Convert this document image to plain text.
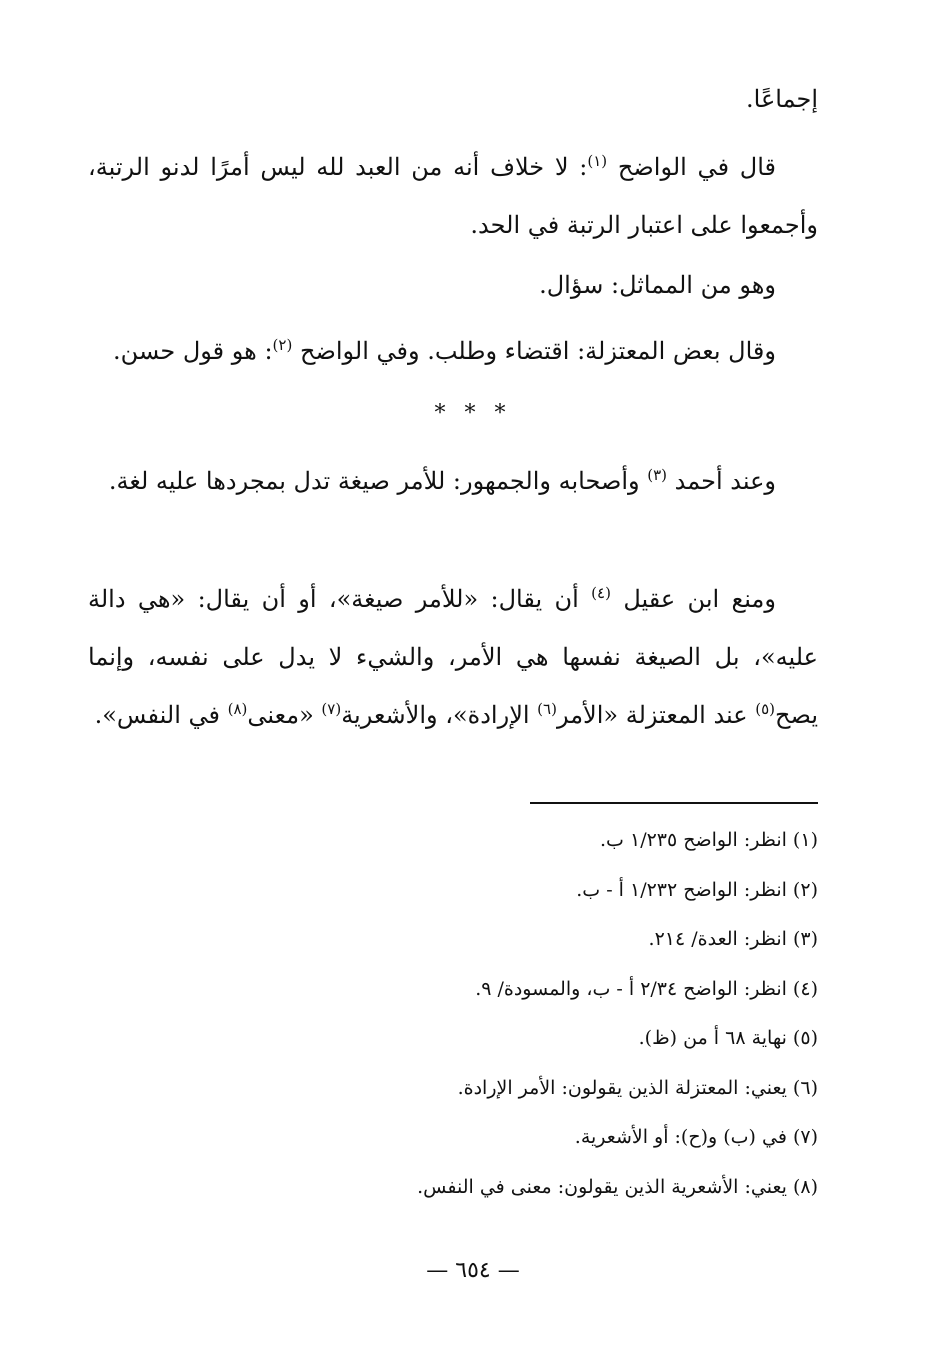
إجماعًا.

قال في الواضح $^{(١)}$: لا خلاف أنه من العبد لله ليس أمرًا لدنو الرتبة، وأجمعوا على اعتبار الرتبة في الحد.

وهو من المماثل: سؤال.

وقال بعض المعتزلة: اقتضاء وطلب. وفي الواضح $^{(٢)}$: هو قول حسن.

* * *

وعند أحمد $^{(٣)}$ وأصحابه والجمهور: للأمر صيغة تدل بمجردها عليه لغة.

ومنع ابن عقيل $^{(٤)}$ أن يقال: «للأمر صيغة»، أو أن يقال: «هي دالة عليه»، بل الصيغة نفسها هي الأمر، والشيء لا يدل على نفسه، وإنما يصح$^{(٥)}$ عند المعتزلة «الأمر$^{(٦)}$ الإرادة»، والأشعرية$^{(٧)}$ «معنى$^{(٨)}$ في النفس».

(١) انظر: الواضح ١/٢٣٥ ب.
(٢) انظر: الواضح ١/٢٣٢ أ - ب.
(٣) انظر: العدة/ ٢١٤.
(٤) انظر: الواضح ٢/٣٤ أ - ب، والمسودة/ ٩.
(٥) نهاية ٦٨ أ من (ظ).
(٦) يعني: المعتزلة الذين يقولون: الأمر الإرادة.
(٧) في (ب) و(ح): أو الأشعرية.
(٨) يعني: الأشعرية الذين يقولون: معنى في النفس.
— ٦٥٤ —
